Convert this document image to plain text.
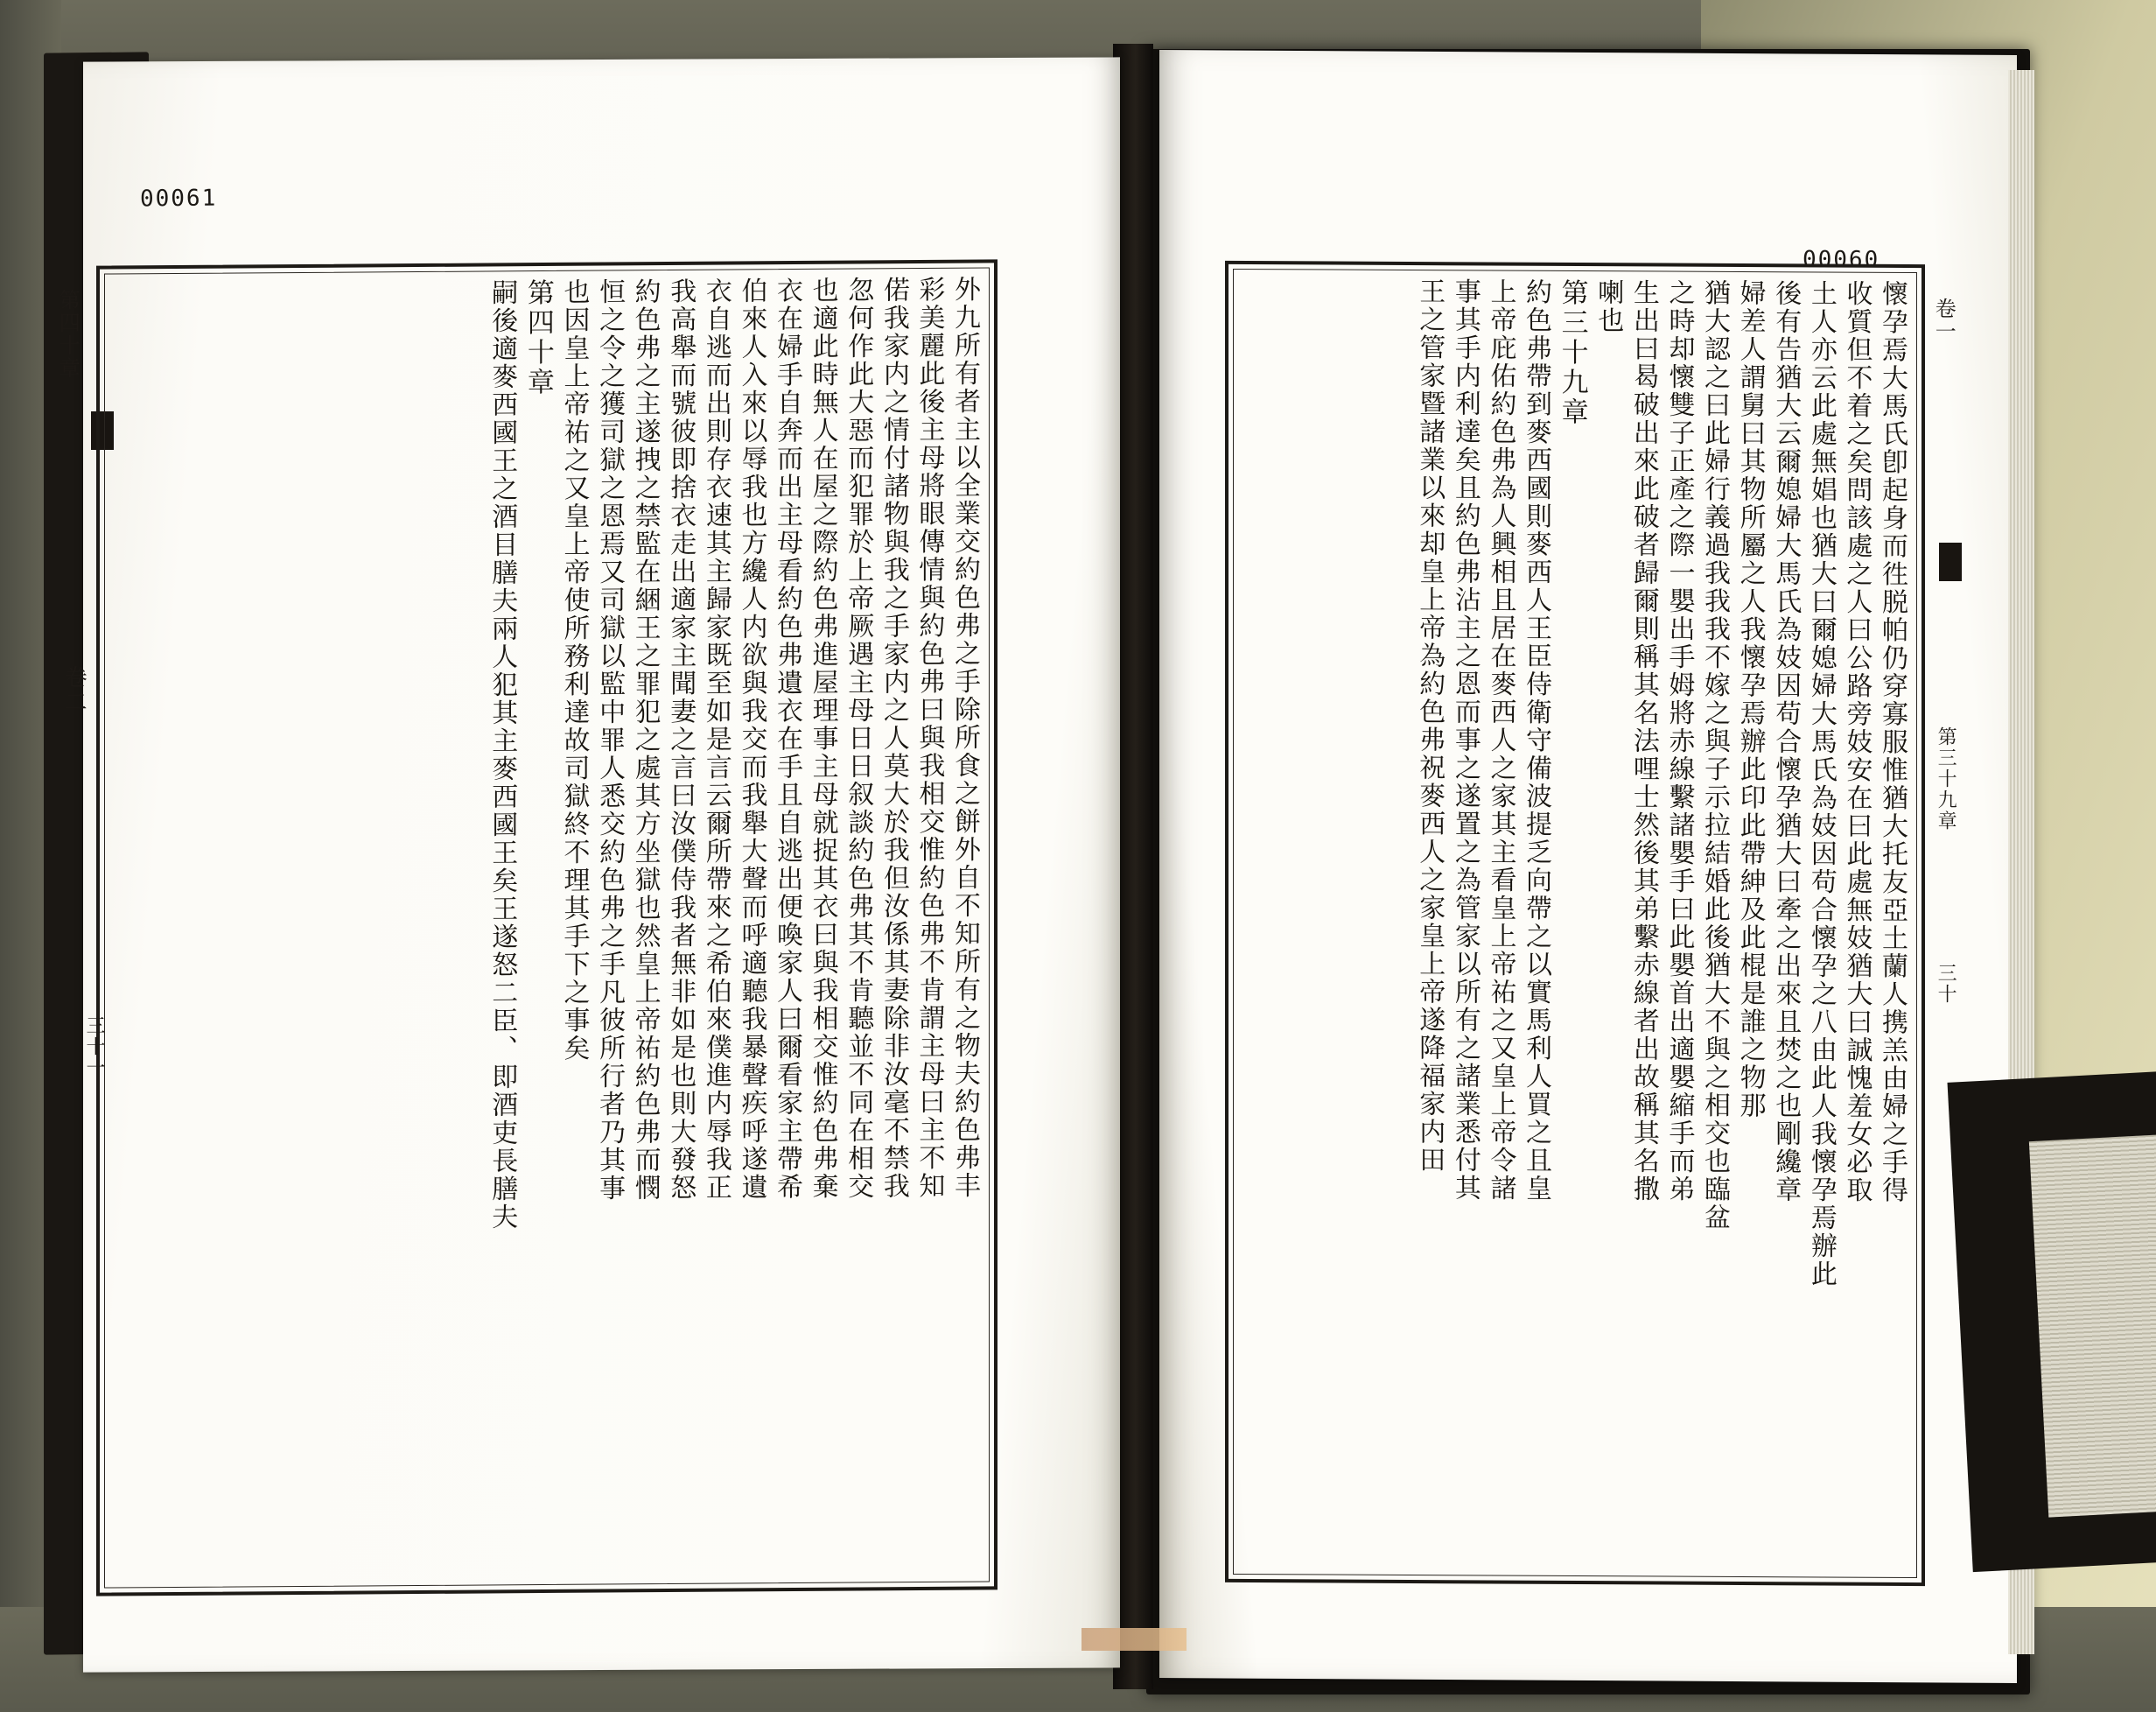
00061
00060
第四十章
卷二
三十一	外九所有者主以全業交約色弗之手除所食之餅外自不知所有之物夫約色弗丰
彩美麗此後主母將眼傳情與約色弗曰與我相交惟約色弗不肯謂主母曰主不知
偌我家内之情付諸物與我之手家内之人莫大於我但汝係其妻除非汝毫不禁我
忽何作此大惡而犯罪於上帝厥遇主母日日叙談約色弗其不肯聽並不同在相交
也適此時無人在屋之際約色弗進屋理事主母就捉其衣曰與我相交惟約色弗棄
衣在婦手自奔而出主母看約色弗遺衣在手且自逃出便喚家人曰爾看家主帶希
伯來人入來以辱我也方纔人内欲與我交而我舉大聲而呼適聽我暴聲疾呼遂遺
衣自逃而出則存衣速其主歸家既至如是言云爾所帶來之希伯來僕進内辱我正
我高舉而號彼即捨衣走出適家主聞妻之言曰汝僕侍我者無非如是也則大發怒
約色弗之主遂拽之禁監在綑王之罪犯之處其方坐獄也然皇上帝祐約色弗而憫
恒之令之獲司獄之恩焉又司獄以監中罪人悉交約色弗之手凡彼所行者乃其事
也因皇上帝祐之又皇上帝使所務利達故司獄終不理其手下之事矣
第四十章
嗣後適麥西國王之酒目膳夫兩人犯其主麥西國王矣王遂怒二臣、即酒吏長膳夫	卷一
第三十九章
三十
懷孕焉大馬氏卽起身而徃脱帕仍穿寡服惟猶大托友亞土蘭人携羔由婦之手得
收質但不着之矣問該處之人曰公路旁妓安在曰此處無妓猶大曰誠愧羞女必取
土人亦云此處無娼也猶大曰爾媳婦大馬氏為妓因苟合懷孕之八由此人我懷孕焉辦此
後有告猶大云爾媳婦大馬氏為妓因苟合懷孕猶大曰牽之出來且焚之也剛纔章
婦差人謂舅曰其物所屬之人我懷孕焉辦此印此帶紳及此棍是誰之物那
猶大認之曰此婦行義過我我我不嫁之與子示拉結婚此後猶大不與之相交也臨盆
之時却懷雙子正產之際一嬰出手姆將赤線繫諸嬰手曰此嬰首出適嬰縮手而弟
生出曰曷破出來此破者歸爾則稱其名法哩士然後其弟繫赤線者出故稱其名撒
喇也
第三十九章
約色弗帶到麥西國則麥西人王臣侍衛守備波提乏向帶之以實馬利人買之且皇
上帝庇佑約色弗為人興相且居在麥西人之家其主看皇上帝祐之又皇上帝令諸
事其手内利達矣且約色弗沾主之恩而事之遂置之為管家以所有之諸業悉付其
王之管家暨諸業以來却皇上帝為約色弗祝麥西人之家皇上帝遂降福家内田
